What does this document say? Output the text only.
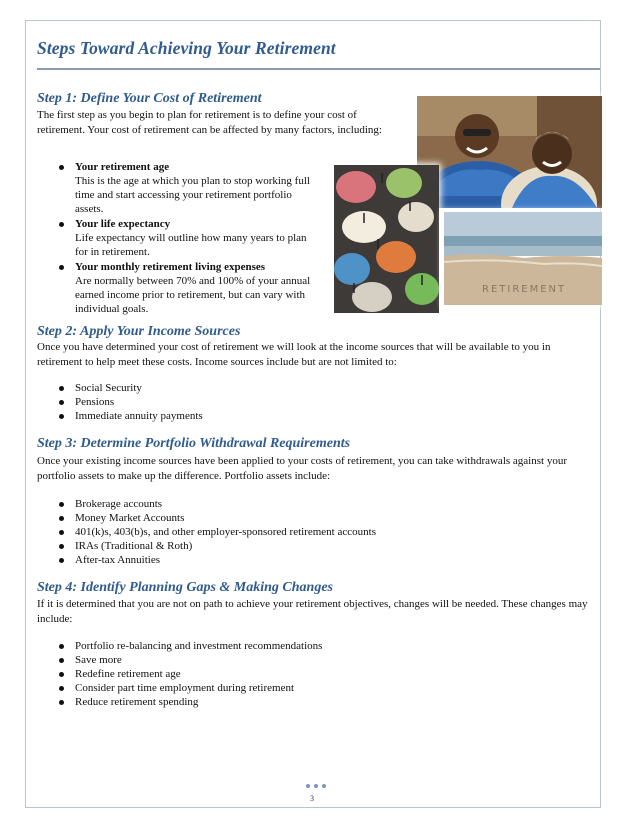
Steps Toward Achieving Your Retirement
Step 1: Define Your Cost of Retirement
The first step as you begin to plan for retirement is to define your cost of retirement. Your cost of retirement can be affected by many factors, including:
Your retirement age
This is the age at which you plan to stop working full time and start accessing your retirement portfolio assets.
Your life expectancy
Life expectancy will outline how many years to plan for in retirement.
Your monthly retirement living expenses
Are normally between 70% and 100% of your annual earned income prior to retirement, but can vary with individual goals.
RETIREMENT
Step 2: Apply Your Income Sources
Once you have determined your cost of retirement we will look at the income sources that will be available to you in retirement to help meet these costs. Income sources include but are not limited to:
Social Security
Pensions
Immediate annuity payments
Step 3: Determine Portfolio Withdrawal Requirements
Once your existing income sources have been applied to your costs of retirement, you can take withdrawals against your portfolio assets to make up the difference. Portfolio assets include:
Brokerage accounts
Money Market Accounts
401(k)s, 403(b)s, and other employer-sponsored retirement accounts
IRAs (Traditional & Roth)
After-tax Annuities
Step 4: Identify Planning Gaps & Making Changes
If it is determined that you are not on path to achieve your retirement objectives, changes will be needed. These changes may include:
Portfolio re-balancing and investment recommendations
Save more
Redefine retirement age
Consider part time employment during retirement
Reduce retirement spending
3
